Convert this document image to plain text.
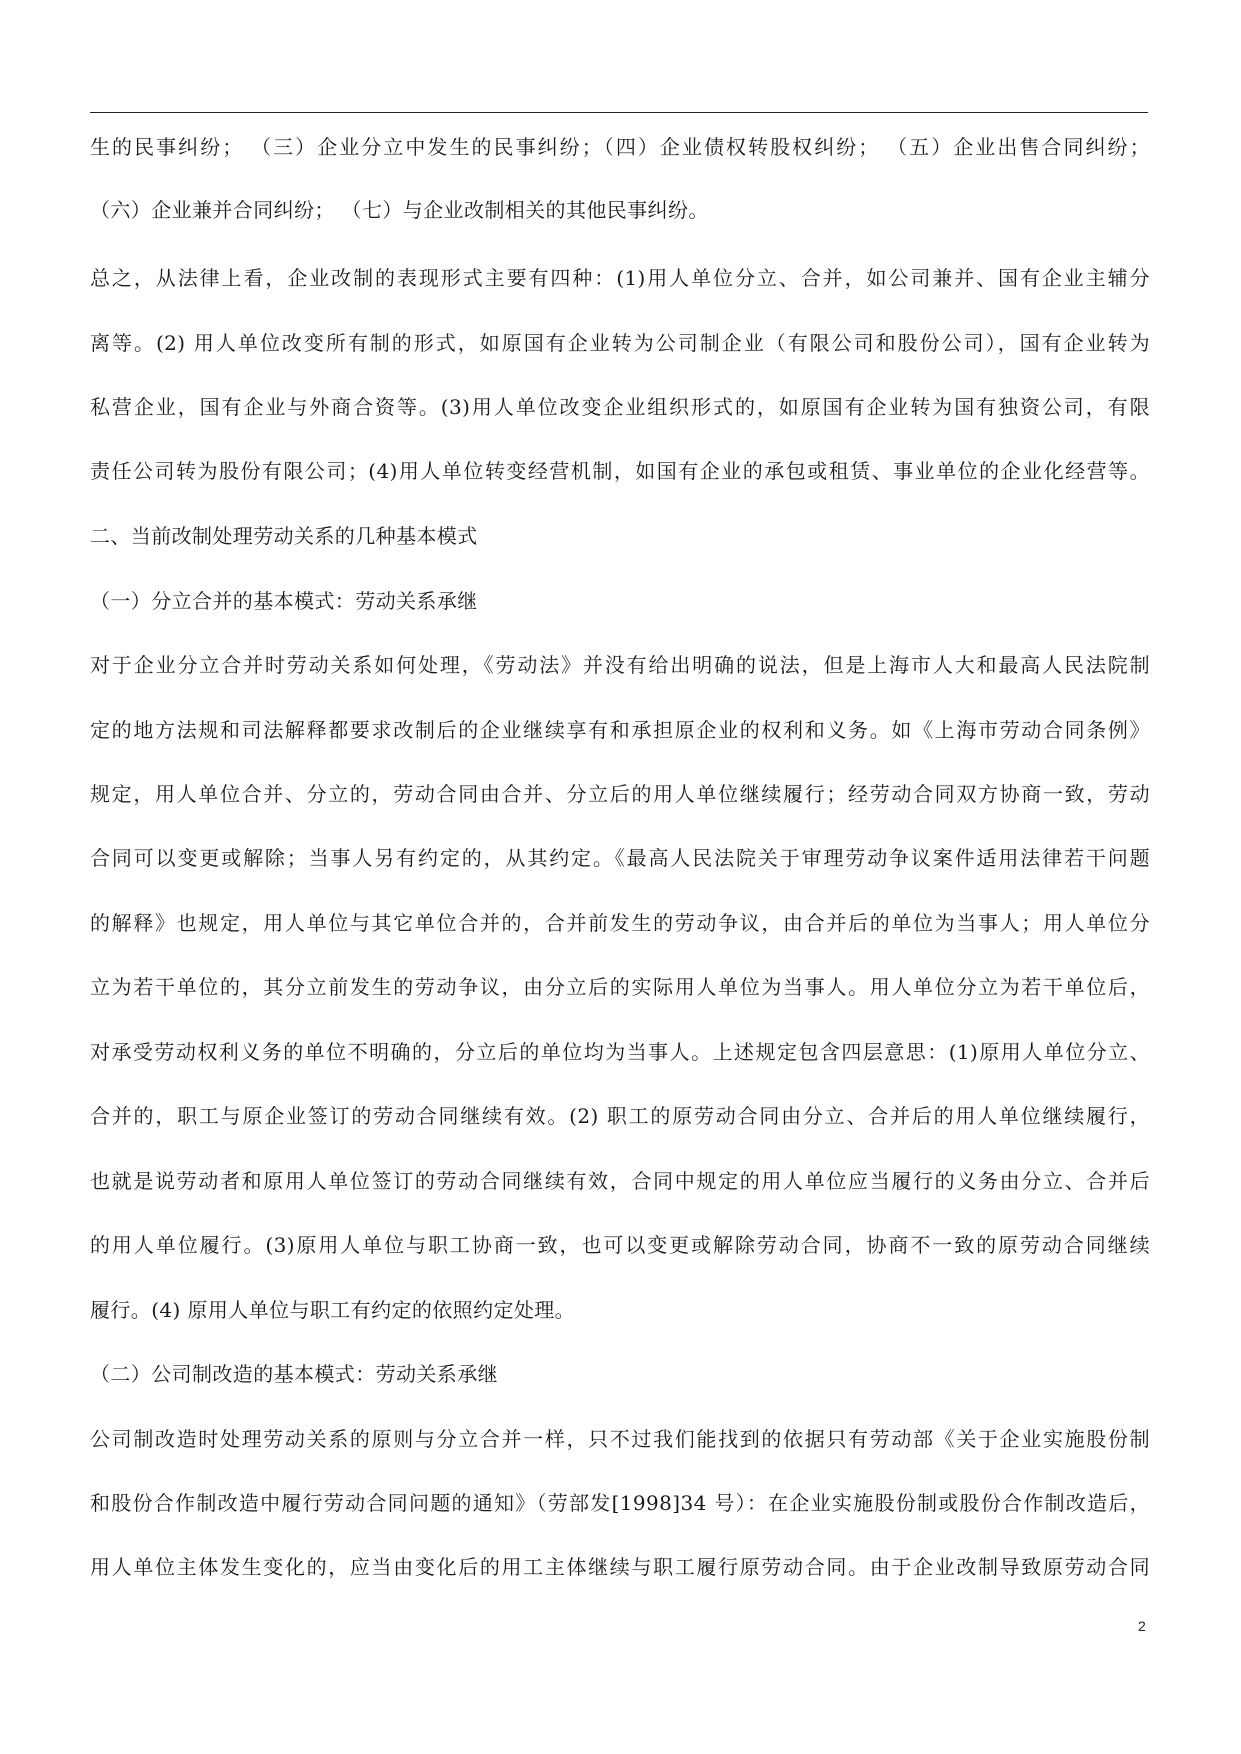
生的民事纠纷； （三）企业分立中发生的民事纠纷；（四）企业债权转股权纠纷； （五）企业出售合同纠纷；
（六）企业兼并合同纠纷； （七）与企业改制相关的其他民事纠纷。
总之，从法律上看，企业改制的表现形式主要有四种：(1)用人单位分立、合并，如公司兼并、国有企业主辅分
离等。(2) 用人单位改变所有制的形式，如原国有企业转为公司制企业（有限公司和股份公司），国有企业转为
私营企业，国有企业与外商合资等。(3)用人单位改变企业组织形式的，如原国有企业转为国有独资公司，有限
责任公司转为股份有限公司；(4)用人单位转变经营机制，如国有企业的承包或租赁、事业单位的企业化经营等。
二、当前改制处理劳动关系的几种基本模式
（一）分立合并的基本模式：劳动关系承继
对于企业分立合并时劳动关系如何处理，《劳动法》并没有给出明确的说法，但是上海市人大和最高人民法院制
定的地方法规和司法解释都要求改制后的企业继续享有和承担原企业的权利和义务。如《上海市劳动合同条例》
规定，用人单位合并、分立的，劳动合同由合并、分立后的用人单位继续履行；经劳动合同双方协商一致，劳动
合同可以变更或解除；当事人另有约定的，从其约定。《最高人民法院关于审理劳动争议案件适用法律若干问题
的解释》也规定，用人单位与其它单位合并的，合并前发生的劳动争议，由合并后的单位为当事人；用人单位分
立为若干单位的，其分立前发生的劳动争议，由分立后的实际用人单位为当事人。用人单位分立为若干单位后，
对承受劳动权利义务的单位不明确的，分立后的单位均为当事人。上述规定包含四层意思：(1)原用人单位分立、
合并的，职工与原企业签订的劳动合同继续有效。(2) 职工的原劳动合同由分立、合并后的用人单位继续履行，
也就是说劳动者和原用人单位签订的劳动合同继续有效，合同中规定的用人单位应当履行的义务由分立、合并后
的用人单位履行。(3)原用人单位与职工协商一致，也可以变更或解除劳动合同，协商不一致的原劳动合同继续
履行。(4) 原用人单位与职工有约定的依照约定处理。
（二）公司制改造的基本模式：劳动关系承继
公司制改造时处理劳动关系的原则与分立合并一样，只不过我们能找到的依据只有劳动部《关于企业实施股份制
和股份合作制改造中履行劳动合同问题的通知》（劳部发[1998]34 号）：在企业实施股份制或股份合作制改造后，
用人单位主体发生变化的，应当由变化后的用工主体继续与职工履行原劳动合同。由于企业改制导致原劳动合同
2
